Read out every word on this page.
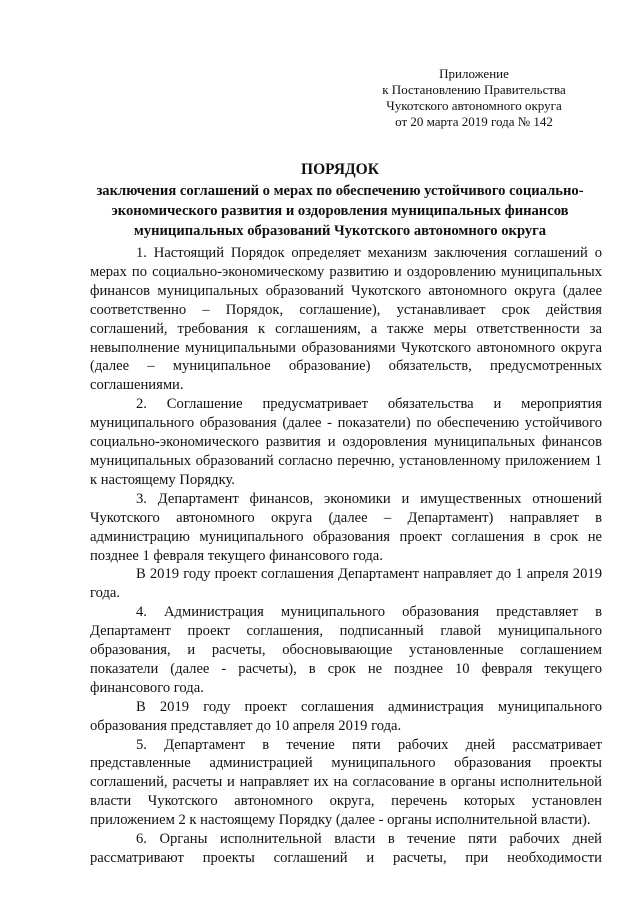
Приложение
к Постановлению Правительства
Чукотского автономного округа
от 20 марта 2019 года № 142
ПОРЯДОК
заключения соглашений о мерах по обеспечению устойчивого социально-
экономического развития и оздоровления муниципальных финансов
муниципальных образований Чукотского автономного округа

1. Настоящий Порядок определяет механизм заключения соглашений о мерах по социально-экономическому развитию и оздоровлению муниципальных финансов муниципальных образований Чукотского автономного округа (далее соответственно – Порядок, соглашение), устанавливает срок действия соглашений, требования к соглашениям, а также меры ответственности за невыполнение муниципальными образованиями Чукотского автономного округа (далее – муниципальное образование) обязательств, предусмотренных соглашениями.

2. Соглашение предусматривает обязательства и мероприятия муниципального образования (далее - показатели) по обеспечению устойчивого социально-экономического развития и оздоровления муниципальных финансов муниципальных образований согласно перечню, установленному приложением 1 к настоящему Порядку.

3. Департамент финансов, экономики и имущественных отношений Чукотского автономного округа (далее – Департамент) направляет в администрацию муниципального образования проект соглашения в срок не позднее 1 февраля текущего финансового года.

В 2019 году проект соглашения Департамент направляет до 1 апреля 2019 года.

4. Администрация муниципального образования представляет в Департамент проект соглашения, подписанный главой муниципального образования, и расчеты, обосновывающие установленные соглашением показатели (далее - расчеты), в срок не позднее 10 февраля текущего финансового года.

В 2019 году проект соглашения администрация муниципального образования представляет до 10 апреля 2019 года.

5. Департамент в течение пяти рабочих дней рассматривает представленные администрацией муниципального образования проекты соглашений, расчеты и направляет их на согласование в органы исполнительной власти Чукотского автономного округа, перечень которых установлен приложением 2 к настоящему Порядку (далее - органы исполнительной власти).

6. Органы исполнительной власти в течение пяти рабочих дней рассматривают проекты соглашений и расчеты, при необходимости
